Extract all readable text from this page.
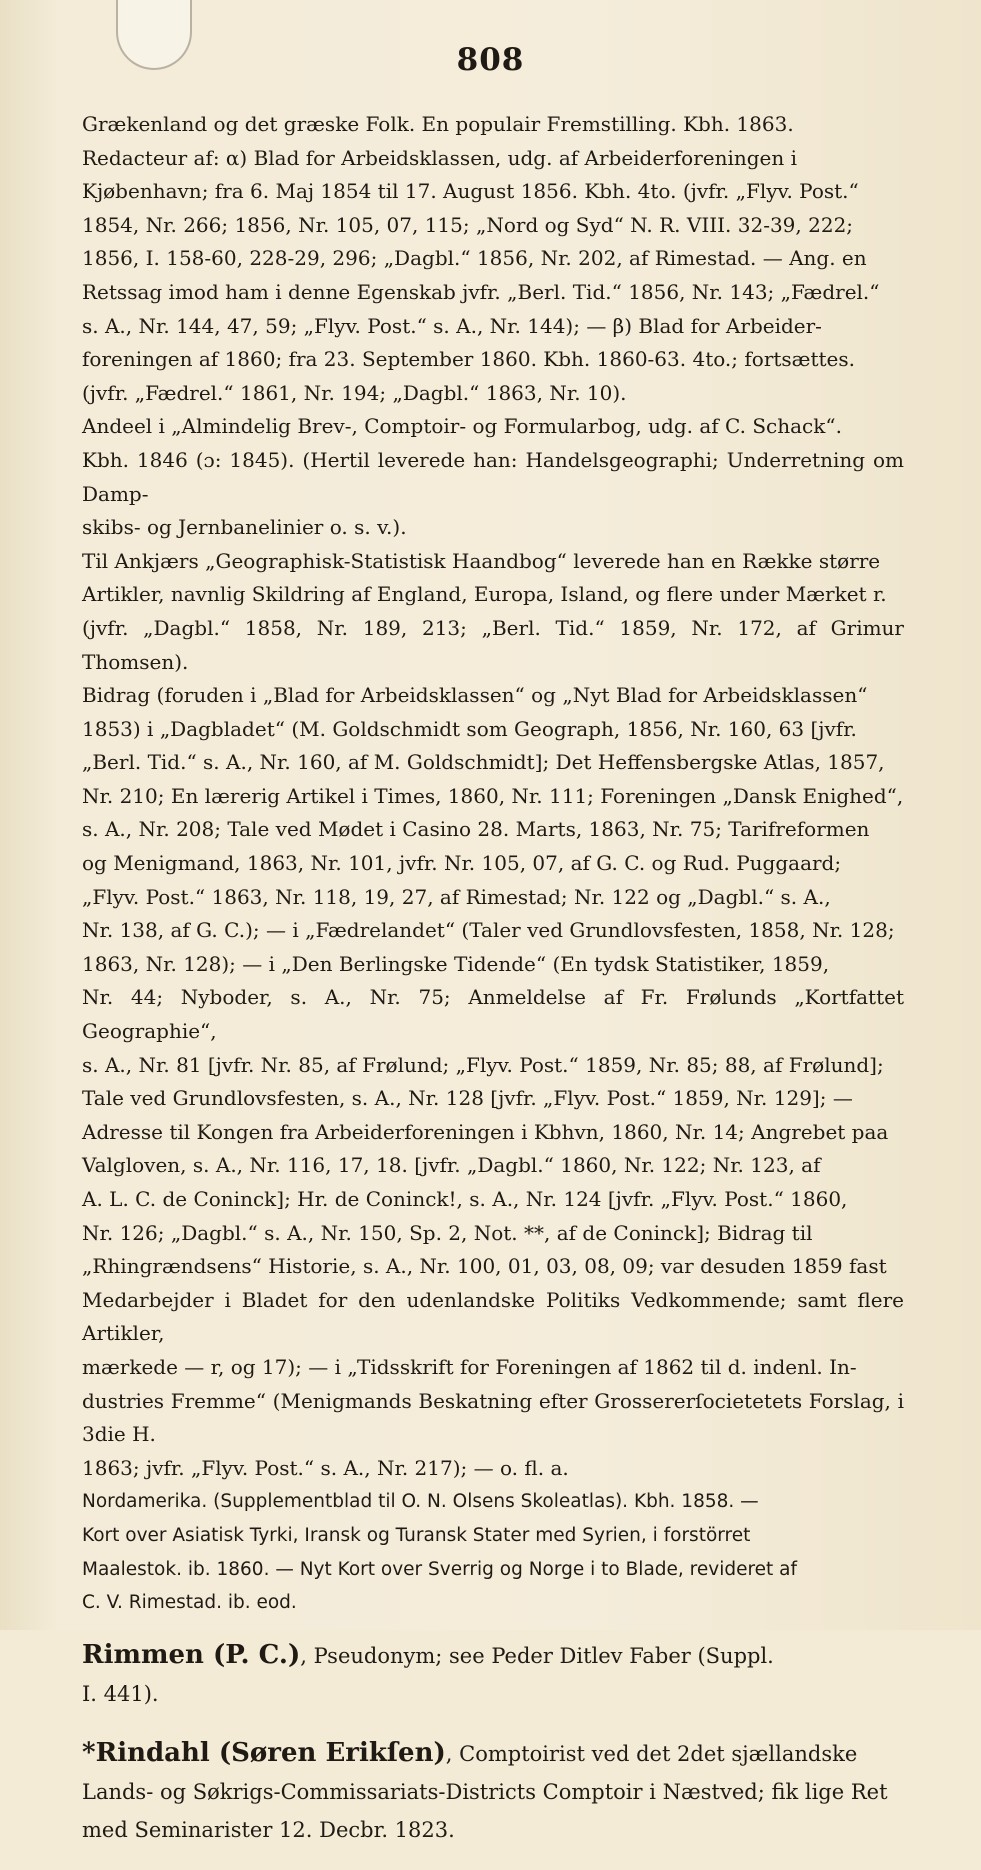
808

Grækenland og det græske Folk. En populair Fremstilling. Kbh. 1863.
Redacteur af: α) Blad for Arbeidsklassen, udg. af Arbeiderforeningen i
Kjøbenhavn; fra 6. Maj 1854 til 17. August 1856. Kbh. 4to. (jvfr. „Flyv. Post.“
1854, Nr. 266; 1856, Nr. 105, 07, 115; „Nord og Syd“ N. R. VIII. 32-39, 222;
1856, I. 158-60, 228-29, 296; „Dagbl.“ 1856, Nr. 202, af Rimestad. — Ang. en
Retssag imod ham i denne Egenskab jvfr. „Berl. Tid.“ 1856, Nr. 143; „Fædrel.“
s. A., Nr. 144, 47, 59; „Flyv. Post.“ s. A., Nr. 144); — β) Blad for Arbeider-
foreningen af 1860; fra 23. September 1860. Kbh. 1860-63. 4to.; fortsættes.
(jvfr. „Fædrel.“ 1861, Nr. 194; „Dagbl.“ 1863, Nr. 10).

Andeel i „Almindelig Brev-, Comptoir- og Formularbog, udg. af C. Schack“.
Kbh. 1846 (ɔ: 1845). (Hertil leverede han: Handelsgeographi; Underretning om Damp-
skibs- og Jernbanelinier o. s. v.).

Til Ankjærs „Geographisk-Statistisk Haandbog“ leverede han en Række større
Artikler, navnlig Skildring af England, Europa, Island, og flere under Mærket r.
(jvfr. „Dagbl.“ 1858, Nr. 189, 213; „Berl. Tid.“ 1859, Nr. 172, af Grimur Thomsen).

Bidrag (foruden i „Blad for Arbeidsklassen“ og „Nyt Blad for Arbeidsklassen“
1853) i „Dagbladet“ (M. Goldschmidt som Geograph, 1856, Nr. 160, 63 [jvfr.
„Berl. Tid.“ s. A., Nr. 160, af M. Goldschmidt]; Det Heffensbergske Atlas, 1857,
Nr. 210; En lærerig Artikel i Times, 1860, Nr. 111; Foreningen „Dansk Enighed“,
s. A., Nr. 208; Tale ved Mødet i Casino 28. Marts, 1863, Nr. 75; Tarifreformen
og Menigmand, 1863, Nr. 101, jvfr. Nr. 105, 07, af G. C. og Rud. Puggaard;
„Flyv. Post.“ 1863, Nr. 118, 19, 27, af Rimestad; Nr. 122 og „Dagbl.“ s. A.,
Nr. 138, af G. C.); — i „Fædrelandet“ (Taler ved Grundlovsfesten, 1858, Nr. 128;
1863, Nr. 128); — i „Den Berlingske Tidende“ (En tydsk Statistiker, 1859,
Nr. 44; Nyboder, s. A., Nr. 75; Anmeldelse af Fr. Frølunds „Kortfattet Geographie“,
s. A., Nr. 81 [jvfr. Nr. 85, af Frølund; „Flyv. Post.“ 1859, Nr. 85; 88, af Frølund];
Tale ved Grundlovsfesten, s. A., Nr. 128 [jvfr. „Flyv. Post.“ 1859, Nr. 129]; —
Adresse til Kongen fra Arbeiderforeningen i Kbhvn, 1860, Nr. 14; Angrebet paa
Valgloven, s. A., Nr. 116, 17, 18. [jvfr. „Dagbl.“ 1860, Nr. 122; Nr. 123, af
A. L. C. de Coninck]; Hr. de Coninck!, s. A., Nr. 124 [jvfr. „Flyv. Post.“ 1860,
Nr. 126; „Dagbl.“ s. A., Nr. 150, Sp. 2, Not. **, af de Coninck]; Bidrag til
„Rhingrændsens“ Historie, s. A., Nr. 100, 01, 03, 08, 09; var desuden 1859 fast
Medarbejder i Bladet for den udenlandske Politiks Vedkommende; samt flere Artikler,
mærkede — r, og 17); — i „Tidsskrift for Foreningen af 1862 til d. indenl. In-
dustries Fremme“ (Menigmands Beskatning efter Grossererſocietetets Forslag, i 3die H.
1863; jvfr. „Flyv. Post.“ s. A., Nr. 217); — o. fl. a.

Nordamerika. (Supplementblad til O. N. Olsens Skoleatlas). Kbh. 1858. —
Kort over Asiatisk Tyrki, Iransk og Turansk Stater med Syrien, i forstörret
Maalestok. ib. 1860. — Nyt Kort over Sverrig og Norge i to Blade, revideret af
C. V. Rimestad. ib. eod.

Rimmen (P. C.), Pseudonym; see Peder Ditlev Faber (Suppl.
I. 441).

*Rindahl (Søren Erikſen), Comptoirist ved det 2det sjællandske
Lands- og Søkrigs-Commissariats-Districts Comptoir i Næstved; fik lige Ret
med Seminarister 12. Decbr. 1823.
